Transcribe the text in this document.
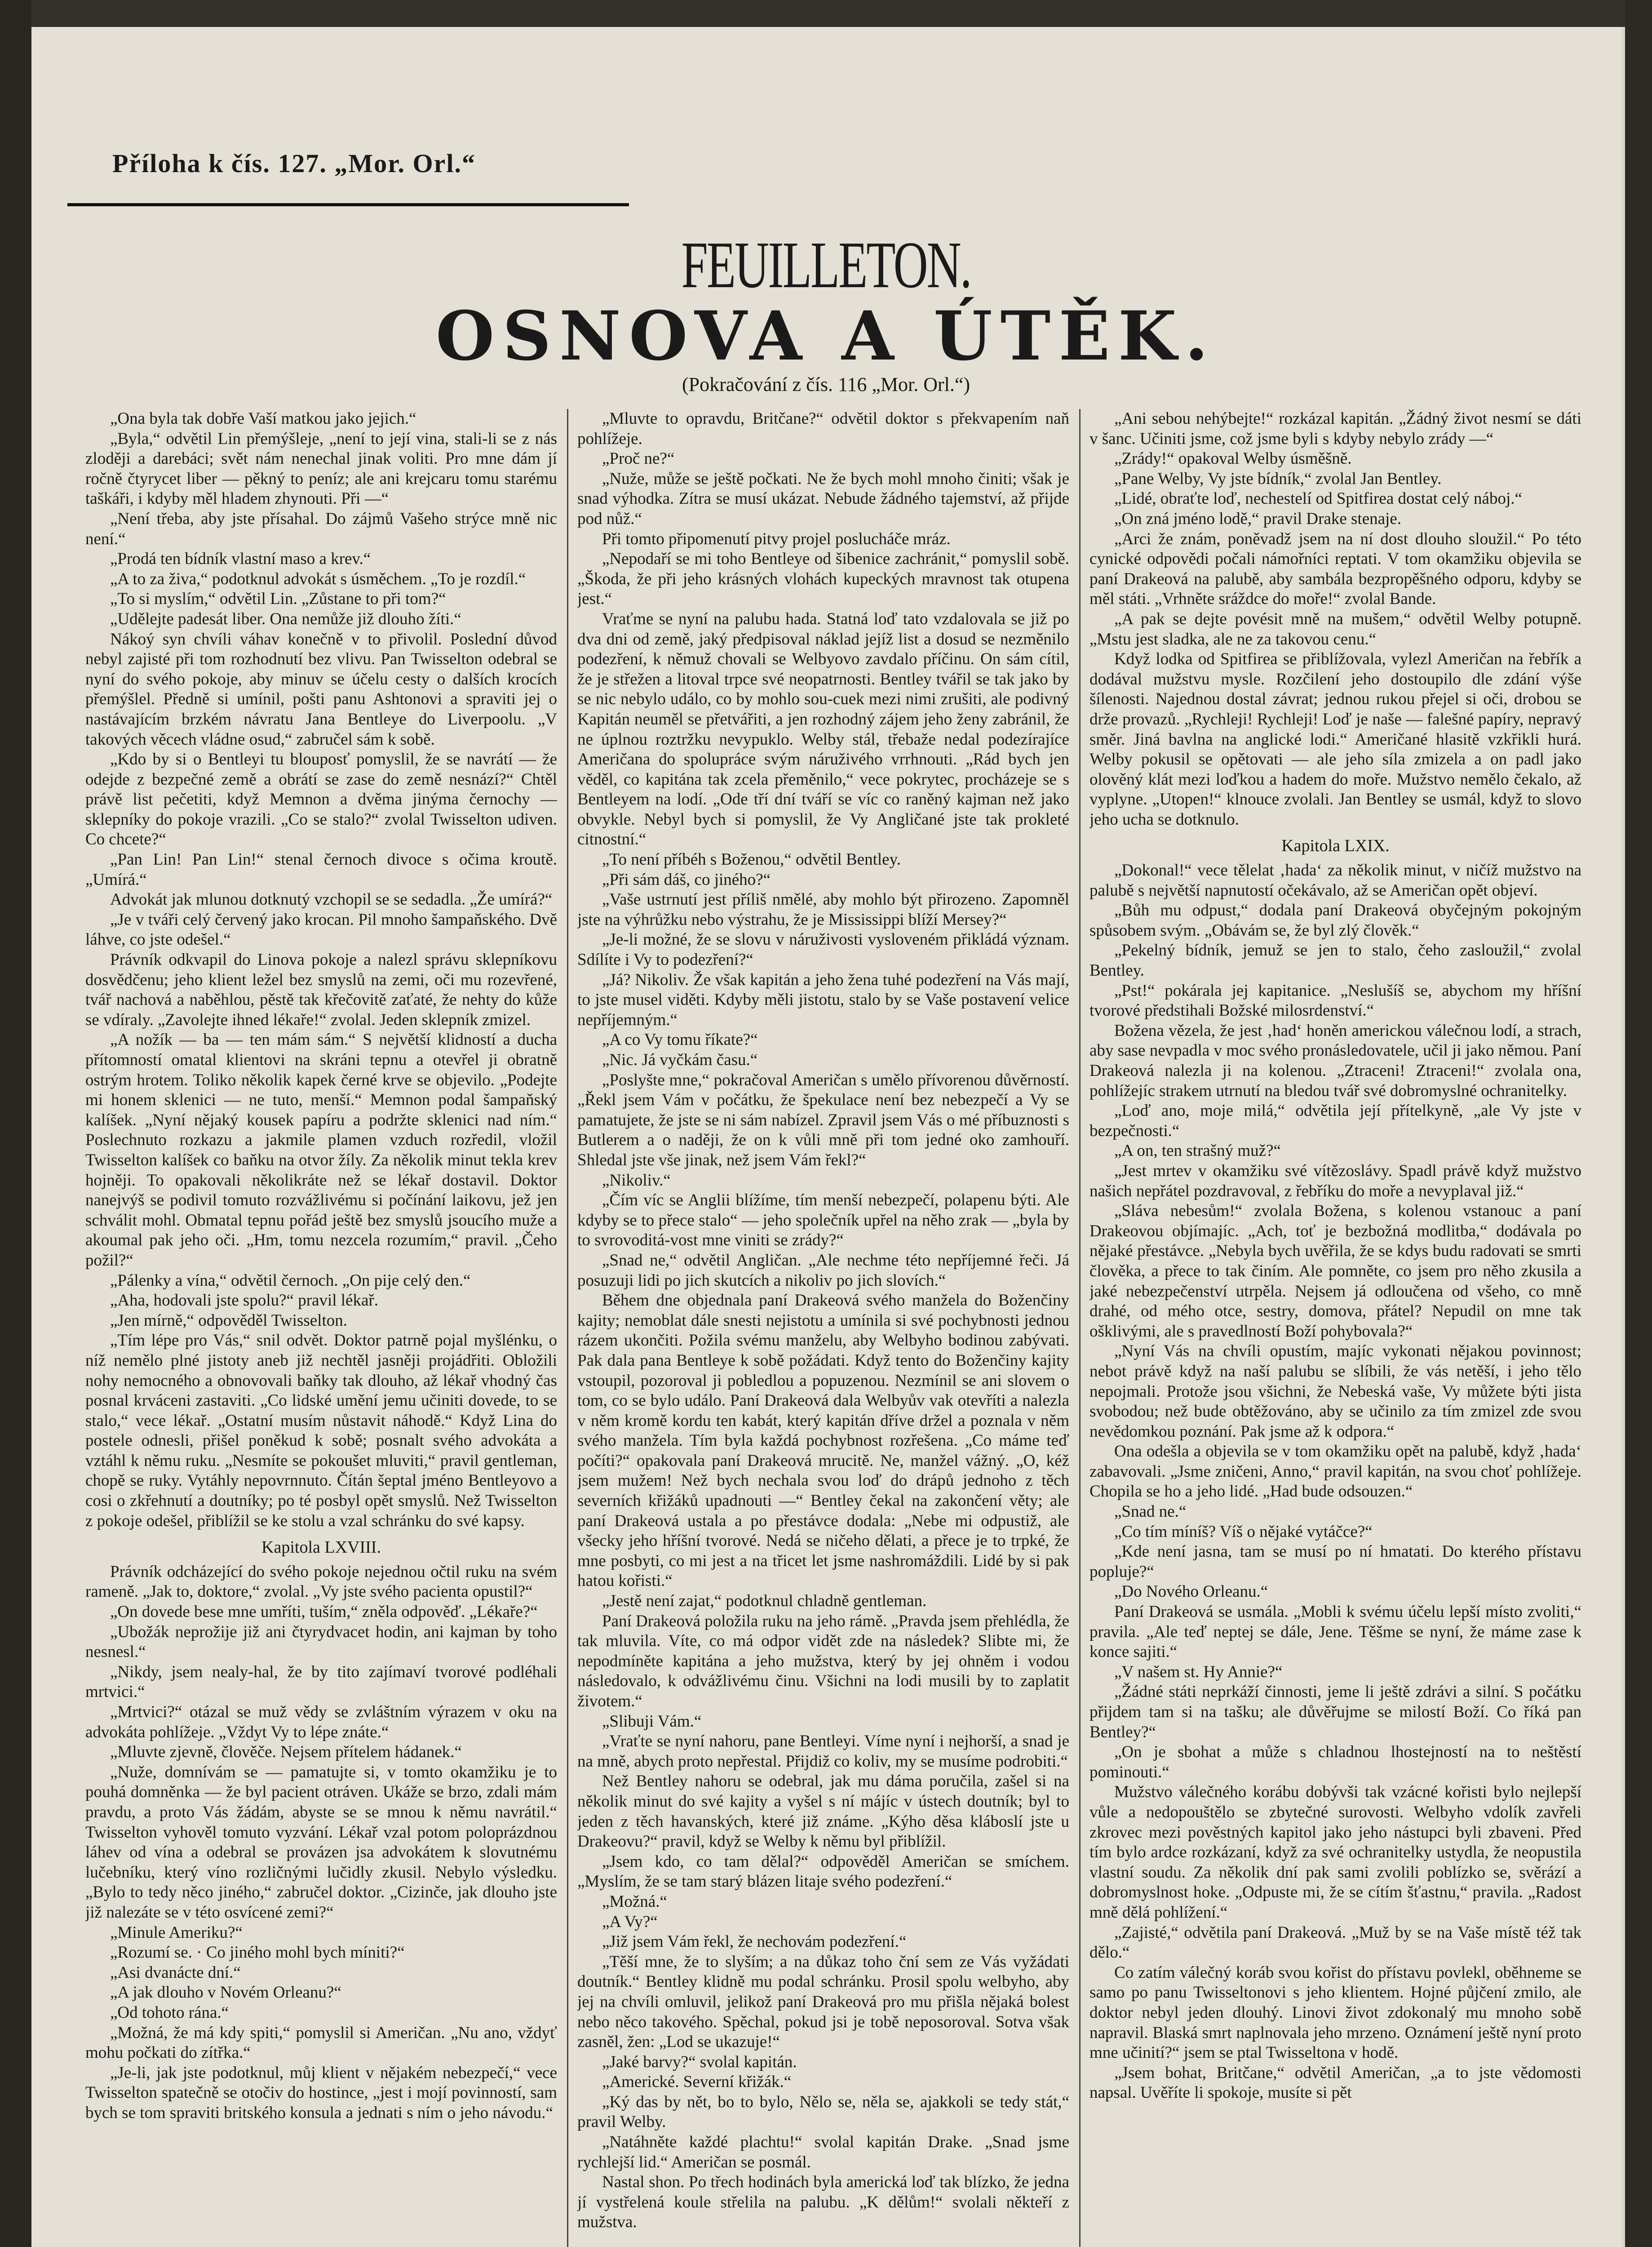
Příloha k čís. 127. „Mor. Orl.“
FEUILLETON.
OSNOVA A ÚTĚK.
(Pokračování z čís. 116 „Mor. Orl.“)

„Ona byla tak dobře Vaší matkou jako jejich.“

„Byla,“ odvětil Lin přemýšleje, „není to její vina, stali-li se z nás zloději a darebáci; svět nám nenechal jinak voliti. Pro mne dám jí ročně čtyrycet liber — pěkný to peníz; ale ani krejcaru tomu starému taškáři, i kdyby měl hladem zhynouti. Při —“

„Není třeba, aby jste přísahal. Do zájmů Vašeho strýce mně nic není.“

„Prodá ten bídník vlastní maso a krev.“

„A to za živa,“ podotknul advokát s úsměchem. „To je rozdíl.“

„To si myslím,“ odvětil Lin. „Zůstane to při tom?“

„Udělejte padesát liber. Ona nemůže již dlouho žíti.“

Nákoý syn chvíli váhav konečně v to přivolil. Poslední důvod nebyl zajisté při tom rozhodnutí bez vlivu. Pan Twisselton odebral se nyní do svého pokoje, aby minuv se účelu cesty o dalších krocích přemýšlel. Předně si umínil, pošti panu Ashtonovi a spraviti jej o nastávajícím brzkém návratu Jana Bentleye do Liverpoolu. „V takových věcech vládne osud,“ zabručel sám k sobě.

„Kdo by si o Bentleyi tu blouposť pomyslil, že se navrátí — že odejde z bezpečné země a obrátí se zase do země nesnází?“ Chtěl právě list pečetiti, když Memnon a dvěma jinýma černochy — sklepníky do pokoje vrazili. „Co se stalo?“ zvolal Twisselton udiven. Co chcete?“

„Pan Lin! Pan Lin!“ stenal černoch divoce s očima kroutě. „Umírá.“

Advokát jak mlunou dotknutý vzchopil se se sedadla. „Že umírá?“

„Je v tváři celý červený jako krocan. Pil mnoho šampaňského. Dvě láhve, co jste odešel.“

Právník odkvapil do Linova pokoje a nalezl správu sklepníkovu dosvědčenu; jeho klient ležel bez smyslů na zemi, oči mu rozevřené, tvář nachová a naběhlou, pěstě tak křečovitě zaťaté, že nehty do kůže se vdíraly. „Zavolejte ihned lékaře!“ zvolal. Jeden sklepník zmizel.

„A nožík — ba — ten mám sám.“ S největší klidností a ducha přítomností omatal klientovi na skráni tepnu a otevřel ji obratně ostrým hrotem. Toliko několik kapek černé krve se objevilo. „Podejte mi honem sklenici — ne tuto, menší.“ Memnon podal šampaňský kalíšek. „Nyní nějaký kousek papíru a podržte sklenici nad ním.“ Poslechnuto rozkazu a jakmile plamen vzduch rozředil, vložil Twisselton kalíšek co baňku na otvor žíly. Za několik minut tekla krev hojněji. To opakovali několikráte než se lékař dostavil. Doktor nanejvýš se podivil tomuto rozvážlivému si počínání laikovu, jež jen schválit mohl. Obmatal tepnu pořád ještě bez smyslů jsoucího muže a akoumal pak jeho oči. „Hm, tomu nezcela rozumím,“ pravil. „Čeho požil?“

„Pálenky a vína,“ odvětil černoch. „On pije celý den.“

„Aha, hodovali jste spolu?“ pravil lékař.

„Jen mírně,“ odpověděl Twisselton.

„Tím lépe pro Vás,“ snil odvět. Doktor patrně pojal myšlénku, o níž nemělo plné jistoty aneb již nechtěl jasněji projádřiti. Obložili nohy nemocného a obnovovali baňky tak dlouho, až lékař vhodný čas posnal krváceni zastaviti. „Co lidské umění jemu učiniti dovede, to se stalo,“ vece lékař. „Ostatní musím nůstavit náhodě.“ Když Lina do postele odnesli, přišel poněkud k sobě; posnalt svého advokáta a vztáhl k němu ruku. „Nesmíte se pokoušet mluviti,“ pravil gentleman, chopě se ruky. Vytáhly nepovrnnuto. Čítán šeptal jméno Bentleyovo a cosi o zkřehnutí a doutníky; po té posbyl opět smyslů. Než Twisselton z pokoje odešel, přiblížil se ke stolu a vzal schránku do své kapsy.

Kapitola LXVIII.

Právník odcházející do svého pokoje nejednou očtil ruku na svém rameně. „Jak to, doktore,“ zvolal. „Vy jste svého pacienta opustil?“

„On dovede bese mne umříti, tuším,“ zněla odpověď. „Lékaře?“

„Ubožák neprožije již ani čtyrydvacet hodin, ani kajman by toho nesnesl.“

„Nikdy, jsem nealy-hal, že by tito zajímaví tvorové podléhali mrtvici.“

„Mrtvici?“ otázal se muž vědy se zvláštním výrazem v oku na advokáta pohlížeje. „Vždyt Vy to lépe znáte.“

„Mluvte zjevně, člověče. Nejsem přítelem hádanek.“

„Nuže, domnívám se — pamatujte si, v tomto okamžiku je to pouhá domněnka — že byl pacient otráven. Ukáže se brzo, zdali mám pravdu, a proto Vás žádám, abyste se se mnou k němu navrátil.“ Twisselton vyhověl tomuto vyzvání. Lékař vzal potom poloprázdnou láhev od vína a odebral se provázen jsa advokátem k slovutnému lučebníku, který víno rozličnými lučidly zkusil. Nebylo výsledku. „Bylo to tedy něco jiného,“ zabručel doktor. „Cizinče, jak dlouho jste již nalezáte se v této osvícené zemi?“

„Minule Ameriku?“

„Rozumí se. · Co jiného mohl bych míniti?“

„Asi dvanácte dní.“

„A jak dlouho v Novém Orleanu?“

„Od tohoto rána.“

„Možná, že má kdy spiti,“ pomyslil si Američan. „Nu ano, vždyť mohu počkati do zítřka.“

„Je-li, jak jste podotknul, můj klient v nějakém nebezpečí,“ vece Twisselton spatečně se otočiv do hostince, „jest i mojí povinností, sam bych se tom spraviti britského konsula a jednati s ním o jeho návodu.“

„Mluvte to opravdu, Britčane?“ odvětil doktor s překvapením naň pohlížeje.

„Proč ne?“

„Nuže, může se ještě počkati. Ne že bych mohl mnoho činiti; však je snad výhodka. Zítra se musí ukázat. Nebude žádného tajemství, až přijde pod nůž.“

Při tomto připomenutí pitvy projel poslucháče mráz.

„Nepodaří se mi toho Bentleye od šibenice zachránit,“ pomyslil sobě. „Škoda, že při jeho krásných vlohách kupeckých mravnost tak otupena jest.“

Vraťme se nyní na palubu hada. Statná loď tato vzdalovala se již po dva dni od země, jaký předpisoval náklad jejíž list a dosud se nezměnilo podezření, k němuž chovali se Welbyovo zavdalo příčinu. On sám cítil, že je střežen a litoval trpce své neopatrnosti. Bentley tvářil se tak jako by se nic nebylo událo, co by mohlo sou-cuek mezi nimi zrušiti, ale podivný Kapitán neuměl se přetvářiti, a jen rozhodný zájem jeho ženy zabránil, že ne úplnou roztržku nevypuklo. Welby stál, třebaže nedal podezírajíce Američana do spolupráce svým náruživého vrrhnouti. „Rád bych jen věděl, co kapitána tak zcela přeměnilo,“ vece pokrytec, procházeje se s Bentleyem na lodí. „Ode tří dní tváří se víc co raněný kajman než jako obvykle. Nebyl bych si pomyslil, že Vy Angličané jste tak prokleté citnostní.“

„To není příbéh s Boženou,“ odvětil Bentley.

„Při sám dáš, co jiného?“

„Vaše ustrnutí jest příliš nmělé, aby mohlo být přirozeno. Zapomněl jste na výhrůžku nebo výstrahu, že je Mississippi blíží Mersey?“

„Je-li možné, že se slovu v náruživosti vysloveném přikládá význam. Sdílíte i Vy to podezření?“

„Já? Nikoliv. Že však kapitán a jeho žena tuhé podezření na Vás mají, to jste musel viděti. Kdyby měli jistotu, stalo by se Vaše postavení velice nepříjemným.“

„A co Vy tomu říkate?“

„Nic. Já vyčkám času.“

„Poslyšte mne,“ pokračoval Američan s umělo přívorenou důvěrností. „Řekl jsem Vám v počátku, že špekulace není bez nebezpečí a Vy se pamatujete, že jste se ni sám nabízel. Zpravil jsem Vás o mé příbuznosti s Butlerem a o naději, že on k vůli mně při tom jedné oko zamhouří. Shledal jste vše jinak, než jsem Vám řekl?“

„Nikoliv.“

„Čím víc se Anglii blížíme, tím menší nebezpečí, polapenu býti. Ale kdyby se to přece stalo“ — jeho společník upřel na něho zrak — „byla by to svrovoditá-vost mne viniti se zrády?“

„Snad ne,“ odvětil Angličan. „Ale nechme této nepříjemné řeči. Já posuzuji lidi po jich skutcích a nikoliv po jich slovích.“

Během dne objednala paní Drakeová svého manžela do Boženčiny kajity; nemoblat dále snesti nejistotu a umínila si své pochybnosti jednou rázem ukončiti. Požila svému manželu, aby Welbyho bodinou zabývati. Pak dala pana Bentleye k sobě požádati. Když tento do Boženčiny kajity vstoupil, pozoroval ji pobledlou a popuzenou. Nezmínil se ani slovem o tom, co se bylo událo. Paní Drakeová dala Welbyův vak otevříti a nalezla v něm kromě kordu ten kabát, který kapitán dříve držel a poznala v něm svého manžela. Tím byla každá pochybnost rozřešena. „Co máme teď počíti?“ opakovala paní Drakeová mrucitě. Ne, manžel vážný. „O, kéž jsem mužem! Než bych nechala svou loď do drápů jednoho z těch severních křižáků upadnouti —“ Bentley čekal na zakončení věty; ale paní Drakeová ustala a po přestávce dodala: „Nebe mi odpustiž, ale všecky jeho hříšní tvorové. Nedá se ničeho dělati, a přece je to trpké, že mne posbyti, co mi jest a na třicet let jsme nashromáždili. Lidé by si pak hatou kořisti.“

„Jestě není zajat,“ podotknul chladně gentleman.

Paní Drakeová položila ruku na jeho rámě. „Pravda jsem přehlédla, že tak mluvila. Víte, co má odpor vidět zde na následek? Slibte mi, že nepodmíněte kapitána a jeho mužstva, který by jej ohněm i vodou následovalo, k odvážlivému činu. Všichni na lodi musili by to zaplatit životem.“

„Slibuji Vám.“

„Vraťte se nyní nahoru, pane Bentleyi. Víme nyní i nejhorší, a snad je na mně, abych proto nepřestal. Přijdiž co koliv, my se musíme podrobiti.“

Než Bentley nahoru se odebral, jak mu dáma poručila, zašel si na několik minut do své kajity a vyšel s ní májíc v ústech doutník; byl to jeden z těch havanských, které již známe. „Kýho děsa kláboslí jste u Drakeovu?“ pravil, když se Welby k němu byl přiblížil.

„Jsem kdo, co tam dělal?“ odpověděl Američan se smíchem. „Myslím, že se tam starý blázen litaje svého podezření.“

„Možná.“

„A Vy?“

„Již jsem Vám řekl, že nechovám podezření.“

„Těší mne, že to slyším; a na důkaz toho ční sem ze Vás vyžádati doutník.“ Bentley klidně mu podal schránku. Prosil spolu welbyho, aby jej na chvíli omluvil, jelikož paní Drakeová pro mu přišla nějaká bolest nebo něco takového. Spěchal, pokud jsi je tobě neposoroval. Sotva však zasněl, žen: „Lod se ukazuje!“

„Jaké barvy?“ svolal kapitán.

„Americké. Severní křižák.“

„Ký das by nět, bo to bylo, Nělo se, něla se, ajakkoli se tedy stát,“ pravil Welby.

„Natáhněte každé plachtu!“ svolal kapitán Drake. „Snad jsme rychlejší lid.“ Američan se posmál.

Nastal shon. Po třech hodinách byla americká loď tak blízko, že jedna jí vystřelená koule střelila na palubu. „K dělům!“ svolali někteří z mužstva.

„Ani sebou nehýbejte!“ rozkázal kapitán. „Žádný život nesmí se dáti v šanc. Učiniti jsme, což jsme byli s kdyby nebylo zrády —“

„Zrády!“ opakoval Welby úsměšně.

„Pane Welby, Vy jste bídník,“ zvolal Jan Bentley.

„Lidé, obraťte loď, nechestelí od Spitfirea dostat celý náboj.“

„On zná jméno lodě,“ pravil Drake stenaje.

„Arci že znám, poněvadž jsem na ní dost dlouho sloužil.“ Po této cynické odpovědi počali námořníci reptati. V tom okamžiku objevila se paní Drakeová na palubě, aby sambála bezpropěšného odporu, kdyby se měl státi. „Vrhněte sráždce do moře!“ zvolal Bande.

„A pak se dejte povésit mně na mušem,“ odvětil Welby potupně. „Mstu jest sladka, ale ne za takovou cenu.“

Když lodka od Spitfirea se přiblížovala, vylezl Američan na řebřík a dodával mužstvu mysle. Rozčilení jeho dostoupilo dle zdání výše šílenosti. Najednou dostal závrat; jednou rukou přejel si oči, drobou se drže provazů. „Rychleji! Rychleji! Loď je naše — falešné papíry, nepravý směr. Jiná bavlna na anglické lodi.“ Američané hlasitě vzkřikli hurá. Welby pokusil se opětovati — ale jeho síla zmizela a on padl jako olověný klát mezi loďkou a hadem do moře. Mužstvo nemělo čekalo, až vyplyne. „Utopen!“ klnouce zvolali. Jan Bentley se usmál, když to slovo jeho ucha se dotknulo.

Kapitola LXIX.

„Dokonal!“ vece tělelat ‚hada‘ za několik minut, v ničíž mužstvo na palubě s největší napnutostí očekávalo, až se Američan opět objeví.

„Bůh mu odpust,“ dodala paní Drakeová obyčejným pokojným spůsobem svým. „Obávám se, že byl zlý člověk.“

„Pekelný bídník, jemuž se jen to stalo, čeho zasloužil,“ zvolal Bentley.

„Pst!“ pokárala jej kapitanice. „Neslušíš se, abychom my hříšní tvorové předstihali Božské milosrdenství.“

Božena vězela, že jest ‚had‘ honěn americkou válečnou lodí, a strach, aby sase nevpadla v moc svého pronásledovatele, učil ji jako němou. Paní Drakeová nalezla ji na kolenou. „Ztraceni! Ztraceni!“ zvolala ona, pohlížejíc strakem utrnutí na bledou tvář své dobromyslné ochranitelky.

„Loď ano, moje milá,“ odvětila její přítelkyně, „ale Vy jste v bezpečnosti.“

„A on, ten strašný muž?“

„Jest mrtev v okamžiku své vítězoslávy. Spadl právě když mužstvo našich nepřátel pozdravoval, z řebříku do moře a nevyplaval již.“

„Sláva nebesům!“ zvolala Božena, s kolenou vstanouc a paní Drakeovou objímajíc. „Ach, toť je bezbožná modlitba,“ dodávala po nějaké přestávce. „Nebyla bych uvěřila, že se kdys budu radovati se smrti člověka, a přece to tak činím. Ale pomněte, co jsem pro něho zkusila a jaké nebezpečenství utrpěla. Nejsem já odloučena od všeho, co mně drahé, od mého otce, sestry, domova, přátel? Nepudil on mne tak ošklivými, ale s pravedlností Boží pohybovala?“

„Nyní Vás na chvíli opustím, majíc vykonati nějakou povinnost; nebot právě když na naší palubu se slíbili, že vás netěší, i jeho tělo nepojmali. Protože jsou všichni, že Nebeská vaše, Vy můžete býti jista svobodou; než bude obtěžováno, aby se učinilo za tím zmizel zde svou nevědomkou poznání. Pak jsme až k odpora.“

Ona odešla a objevila se v tom okamžiku opět na palubě, když ‚hada‘ zabavovali. „Jsme zničeni, Anno,“ pravil kapitán, na svou choť pohlížeje. Chopila se ho a jeho lidé. „Had bude odsouzen.“

„Snad ne.“

„Co tím míníš? Víš o nějaké vytáčce?“

„Kde není jasna, tam se musí po ní hmatati. Do kterého přístavu popluje?“

„Do Nového Orleanu.“

Paní Drakeová se usmála. „Mobli k svému účelu lepší místo zvoliti,“ pravila. „Ale teď neptej se dále, Jene. Těšme se nyní, že máme zase k konce sajiti.“

„V našem st. Hy Annie?“

„Žádné státi neprkáží činnosti, jeme li ještě zdrávi a silní. S počátku přijdem tam si na tašku; ale důvěřujme se milostí Boží. Co říká pan Bentley?“

„On je sbohat a může s chladnou lhostejností na to neštěstí pominouti.“

Mužstvo válečného korábu dobývši tak vzácné kořisti bylo nejlepší vůle a nedopouštělo se zbytečné surovosti. Welbyho vdolík zavřeli zkrovec mezi pověstných kapitol jako jeho nástupci byli zbaveni. Před tím bylo ardce rozkázaní, když za své ochranitelky ustydla, že neopustila vlastní soudu. Za několik dní pak sami zvolili poblízko se, svěrází a dobromyslnost hoke. „Odpuste mi, že se cítím šťastnu,“ pravila. „Radost mně dělá pohlížení.“

„Zajisté,“ odvětila paní Drakeová. „Muž by se na Vaše místě též tak dělo.“

Co zatím válečný koráb svou kořist do přístavu povlekl, oběhneme se samo po panu Twisseltonovi s jeho klientem. Hojné půjčení zmilo, ale doktor nebyl jeden dlouhý. Linovi život zdokonalý mu mnoho sobě napravil. Blaská smrt naplnovala jeho mrzeno. Oznámení ještě nyní proto mne učinití?“ jsem se ptal Twisseltona v hodě.

„Jsem bohat, Britčane,“ odvětil Američan, „a to jste vědomosti napsal. Uvěříte li spokoje, musíte si pět
